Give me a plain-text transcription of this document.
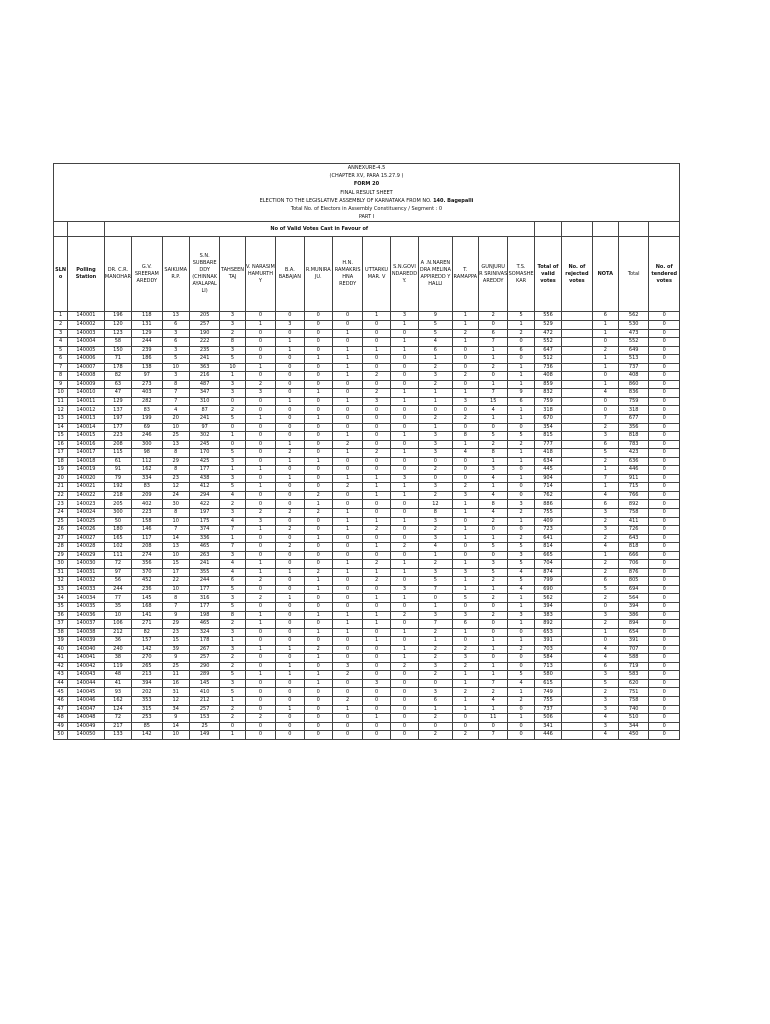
ANNEXURE-4.5																					
(CHAPTER XV, PARA 15.27.9 )																					
FORM 20																					
FINAL RESULT SHEET																					
ELECTION TO THE LEGISLATIVE ASSEMBLY OF KARNATAKA FROM NO. 140. Bagepalli																					
Total No. of Electors in Assembly Constituency / Segment : 0																					
PART I																					
		No of Valid Votes Cast in Favour of																			
SLN o	Polling Station	DR. C.R. MANOHAR	G.V. SREERAM AREDDY	SAIKUMA R.P.	S.N. SUBBARE DDY (CHINNAK AYALAPAL LI)	TAHSEEN TAJ	V. NARASIM HAMURTH Y	B.A. BABAJAN	R.MUNIRA JU.	H.N. RAMAKRIS HNA REDDY	UTTARKU MAR. V	S.N.GOVI NDAREDD Y.	A .N.NAREN DRA MELINA APPIREDD Y HALLI	T. RAMAPPA	GUNJURU R SRINIVAS AREDDY	T.S. SOMASHE KAR	Total of valid votes	No. of rejected votes	NOTA	Total	No. of tendered votes
1	140001	196	118	13	205	3	0	0	0	0	1	3	9	1	2	5	556		6	562	0
2	140002	120	131	6	257	3	1	3	0	0	0	1	5	1	0	1	529		1	530	0
3	140003	123	129	3	190	2	0	0	0	1	0	0	5	2	6	2	472		1	473	0
4	140004	58	244	6	222	8	0	1	0	0	0	1	4	1	7	0	552		0	552	0
5	140005	150	239	3	235	3	0	1	0	1	1	1	6	0	1	6	647		2	649	0
6	140006	71	186	5	241	5	0	0	1	1	0	0	1	0	1	0	512		1	513	0
7	140007	178	138	10	363	10	1	0	0	1	0	0	2	0	2	1	736		1	737	0
8	140008	82	97	3	216	1	0	0	0	1	2	0	3	2	0	1	408		0	408	0
9	140009	63	273	8	487	3	2	0	0	0	0	0	2	0	1	1	859		1	860	0
10	140010	47	403	7	347	3	3	0	1	0	2	1	1	1	7	9	832		4	836	0
11	140011	129	282	7	310	0	0	1	0	1	3	1	1	3	15	6	759		0	759	0
12	140012	137	83	4	87	2	0	0	0	0	0	0	0	0	4	1	318		0	318	0
13	140013	197	199	20	241	5	1	0	1	0	0	0	2	2	1	1	670		7	677	0
14	140014	177	69	10	97	0	0	0	0	0	0	0	1	0	0	0	354		2	356	0
15	140015	223	246	25	302	1	0	0	0	1	0	1	3	8	5	5	815		3	818	0
16	140016	208	300	13	245	0	0	1	0	2	0	0	3	1	2	2	777		6	783	0
17	140017	115	98	8	170	5	0	2	0	1	2	1	3	4	8	1	418		5	423	0
18	140018	61	112	29	425	3	0	1	1	0	0	0	0	0	1	1	634		2	636	0
19	140019	91	162	8	177	1	1	0	0	0	0	0	2	0	3	0	445		1	446	0
20	140020	79	334	23	438	3	0	1	0	1	1	3	0	0	4	1	904		7	911	0
21	140021	192	83	12	412	5	1	0	0	2	1	1	3	2	1	0	714		1	715	0
22	140022	218	209	24	294	4	0	0	2	0	1	1	2	3	4	0	762		4	766	0
23	140023	205	402	30	422	2	0	0	1	0	0	0	12	1	8	3	886		6	892	0
24	140024	300	223	8	197	3	2	2	2	1	0	0	8	1	4	2	755		3	758	0
25	140025	50	158	10	175	4	3	0	0	1	1	1	3	0	2	1	409		2	411	0
26	140026	180	146	7	374	7	1	2	0	1	2	0	2	1	0	0	723		3	726	0
27	140027	165	117	14	336	1	0	0	1	0	0	0	3	1	1	2	641		2	643	0
28	140028	102	208	13	465	7	0	2	0	0	1	2	4	0	5	5	814		4	818	0
29	140029	111	274	10	263	3	0	0	0	0	0	0	1	0	0	3	665		1	666	0
30	140030	72	356	15	241	4	1	0	0	1	2	1	2	1	3	5	704		2	706	0
31	140031	97	370	17	355	4	1	1	2	1	1	1	3	3	5	4	874		2	876	0
32	140032	56	452	22	244	6	2	0	1	0	2	0	5	1	2	5	799		6	805	0
33	140033	244	236	10	177	5	0	0	1	0	0	3	7	1	1	4	690		5	694	0
34	140034	77	145	8	316	3	2	1	0	0	1	1	0	5	2	1	562		2	564	0
35	140035	35	168	7	177	5	0	0	0	0	0	0	1	0	0	1	394		0	394	0
36	140036	10	141	9	198	8	1	0	1	1	1	2	3	3	2	3	383		3	386	0
37	140037	106	271	29	465	2	1	0	0	1	1	0	7	6	0	1	892		2	894	0
38	140038	212	82	23	324	3	0	0	1	1	0	1	2	1	0	0	653		1	654	0
39	140039	36	157	15	178	1	0	0	0	0	1	0	1	0	1	1	391		0	391	0
40	140040	240	142	39	267	3	1	1	2	0	0	1	2	2	1	2	703		4	707	0
41	140041	38	270	9	257	2	0	0	1	0	0	1	2	3	0	0	584		4	588	0
42	140042	119	265	25	290	2	0	1	0	3	0	2	3	2	1	0	713		6	719	0
43	140043	48	213	11	289	5	1	1	1	2	0	0	2	1	1	5	580		3	583	0
44	140044	41	394	16	145	3	0	0	1	0	3	0	0	1	7	4	615		5	620	0
45	140045	93	202	31	410	5	0	0	0	0	0	0	3	2	2	1	749		2	751	0
46	140046	162	353	12	212	1	0	0	0	2	0	0	6	1	4	2	755		3	758	0
47	140047	124	315	34	257	2	0	1	0	1	0	0	1	1	1	0	737		3	740	0
48	140048	72	253	9	153	2	2	0	0	0	1	0	2	0	11	1	506		4	510	0
49	140049	217	85	14	25	0	0	0	0	0	0	0	0	0	0	0	341		3	344	0
50	140050	133	142	10	149	1	0	0	0	0	0	0	2	2	7	0	446		4	450	0
